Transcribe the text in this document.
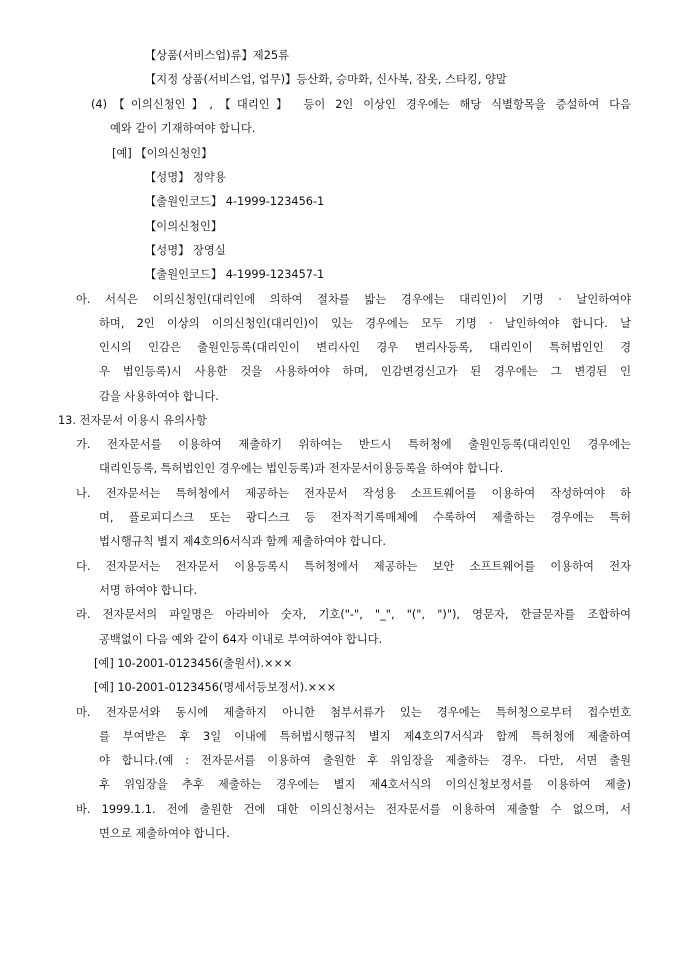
【상품(서비스업)류】제25류
【지정 상품(서비스업, 업무)】등산화, 승마화, 신사복, 잠옷, 스타킹, 양말
(4)【이의신청인】,【대리인】 등이 2인 이상인 경우에는 해당 식별항목을 증설하여 다음
예와 같이 기재하여야 합니다.
[예] 【이의신청인】
【성명】 정약용
【출원인코드】 4-1999-123456-1
【이의신청인】
【성명】 장영실
【출원인코드】 4-1999-123457-1
아. 서식은 이의신청인(대리인에 의하여 절차를 밟는 경우에는 대리인)이 기명 · 날인하여야
하며, 2인 이상의 이의신청인(대리인)이 있는 경우에는 모두 기명 · 날인하여야 합니다. 날
인시의 인감은 출원인등록(대리인이 변리사인 경우 변리사등록, 대리인이 특허법인인 경
우 법인등록)시 사용한 것을 사용하여야 하며, 인감변경신고가 된 경우에는 그 변경된 인
감을 사용하여야 합니다.
13. 전자문서 이용시 유의사항
가. 전자문서를 이용하여 제출하기 위하여는 반드시 특허청에 출원인등록(대리인인 경우에는
대리인등록, 특허법인인 경우에는 법인등록)과 전자문서이용등록을 하여야 합니다.
나. 전자문서는 특허청에서 제공하는 전자문서 작성용 소프트웨어를 이용하여 작성하여야 하
며, 플로피디스크 또는 광디스크 등 전자적기록매체에 수록하여 제출하는 경우에는 특허
법시행규칙 별지 제4호의6서식과 함께 제출하여야 합니다.
다. 전자문서는 전자문서 이용등록시 특허청에서 제공하는 보안 소프트웨어를 이용하여 전자
서명 하여야 합니다.
라. 전자문서의 파일명은 아라비아 숫자, 기호("-", "_", "(", ")"), 영문자, 한글문자를 조합하여
공백없이 다음 예와 같이 64자 이내로 부여하여야 합니다.
[예] 10-2001-0123456(출원서).×××
[예] 10-2001-0123456(명세서등보정서).×××
마. 전자문서와 동시에 제출하지 아니한 첨부서류가 있는 경우에는 특허청으로부터 접수번호
를 부여받은 후 3일 이내에 특허법시행규칙 별지 제4호의7서식과 함께 특허청에 제출하여
야 합니다.(예 : 전자문서를 이용하여 출원한 후 위임장을 제출하는 경우. 다만, 서면 출원
후 위임장을 추후 제출하는 경우에는 별지 제4호서식의 이의신청보정서를 이용하여 제출)
바. 1999.1.1. 전에 출원한 건에 대한 이의신청서는 전자문서를 이용하여 제출할 수 없으며, 서
면으로 제출하여야 합니다.
